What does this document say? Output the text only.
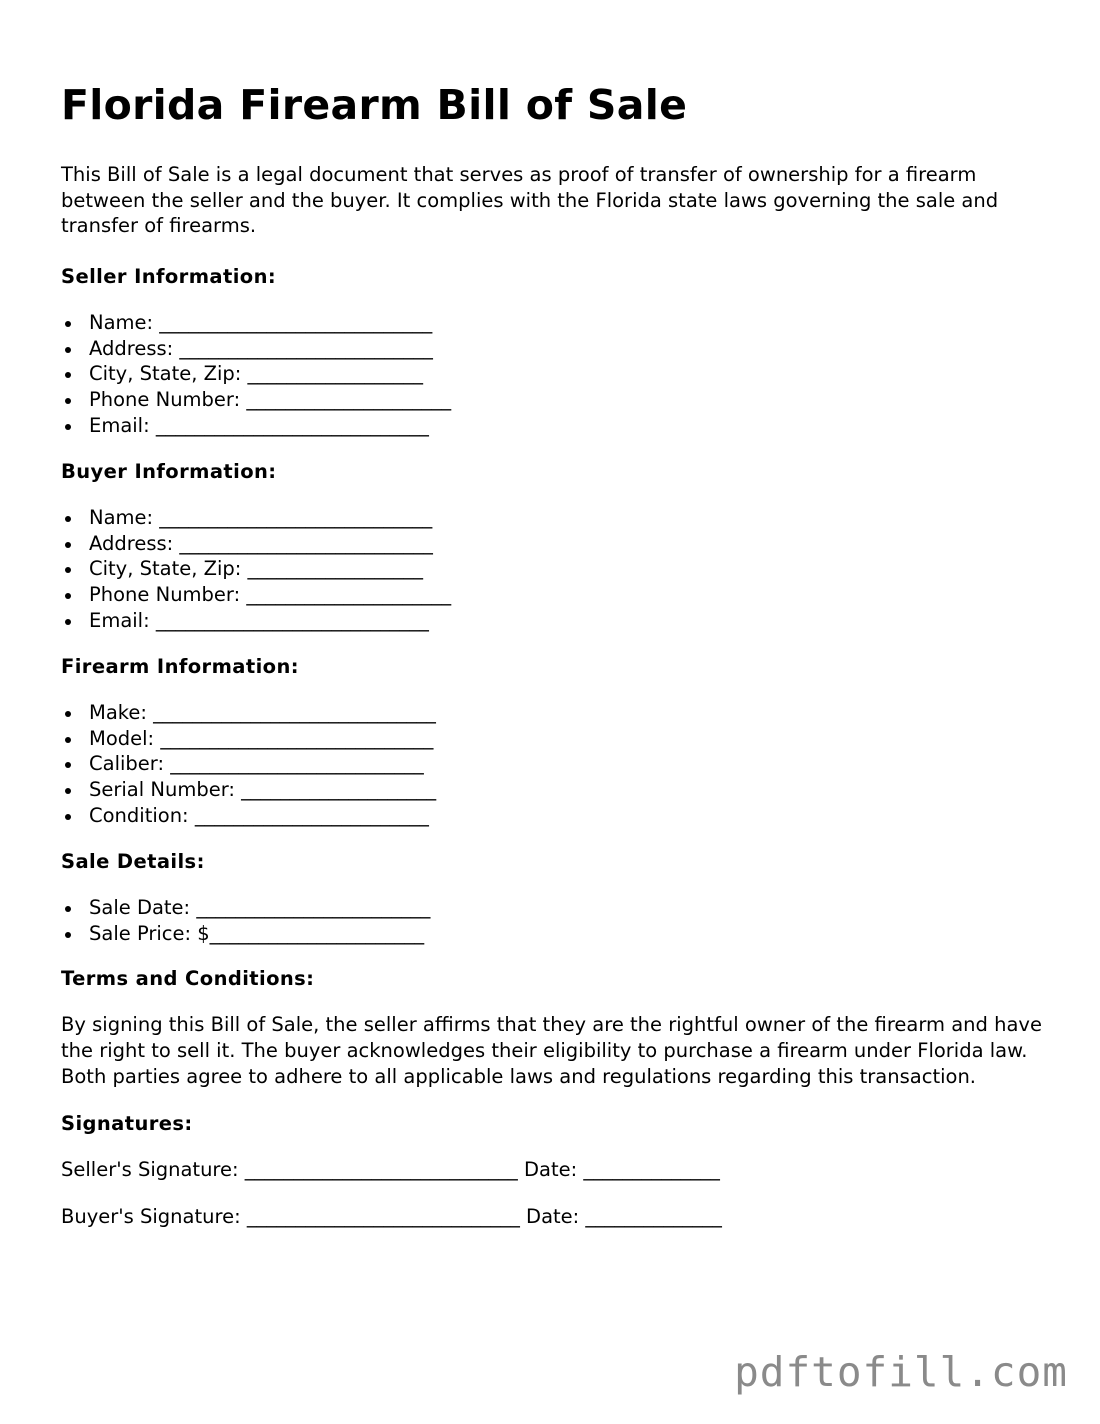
Florida Firearm Bill of Sale

This Bill of Sale is a legal document that serves as proof of transfer of ownership for a firearm between the seller and the buyer. It complies with the Florida state laws governing the sale and transfer of firearms.

Seller Information:
Name: ____________________________
Address: __________________________
City, State, Zip: __________________
Phone Number: _____________________
Email: ____________________________
Buyer Information:
Name: ____________________________
Address: __________________________
City, State, Zip: __________________
Phone Number: _____________________
Email: ____________________________
Firearm Information:
Make: _____________________________
Model: ____________________________
Caliber: __________________________
Serial Number: ____________________
Condition: ________________________
Sale Details:
Sale Date: ________________________
Sale Price: $______________________
Terms and Conditions:

By signing this Bill of Sale, the seller affirms that they are the rightful owner of the firearm and have the right to sell it. The buyer acknowledges their eligibility to purchase a firearm under Florida law. Both parties agree to adhere to all applicable laws and regulations regarding this transaction.

Signatures:
Seller's Signature: ____________________________ Date: ______________
Buyer's Signature: ____________________________ Date: ______________
pdftofill.com
